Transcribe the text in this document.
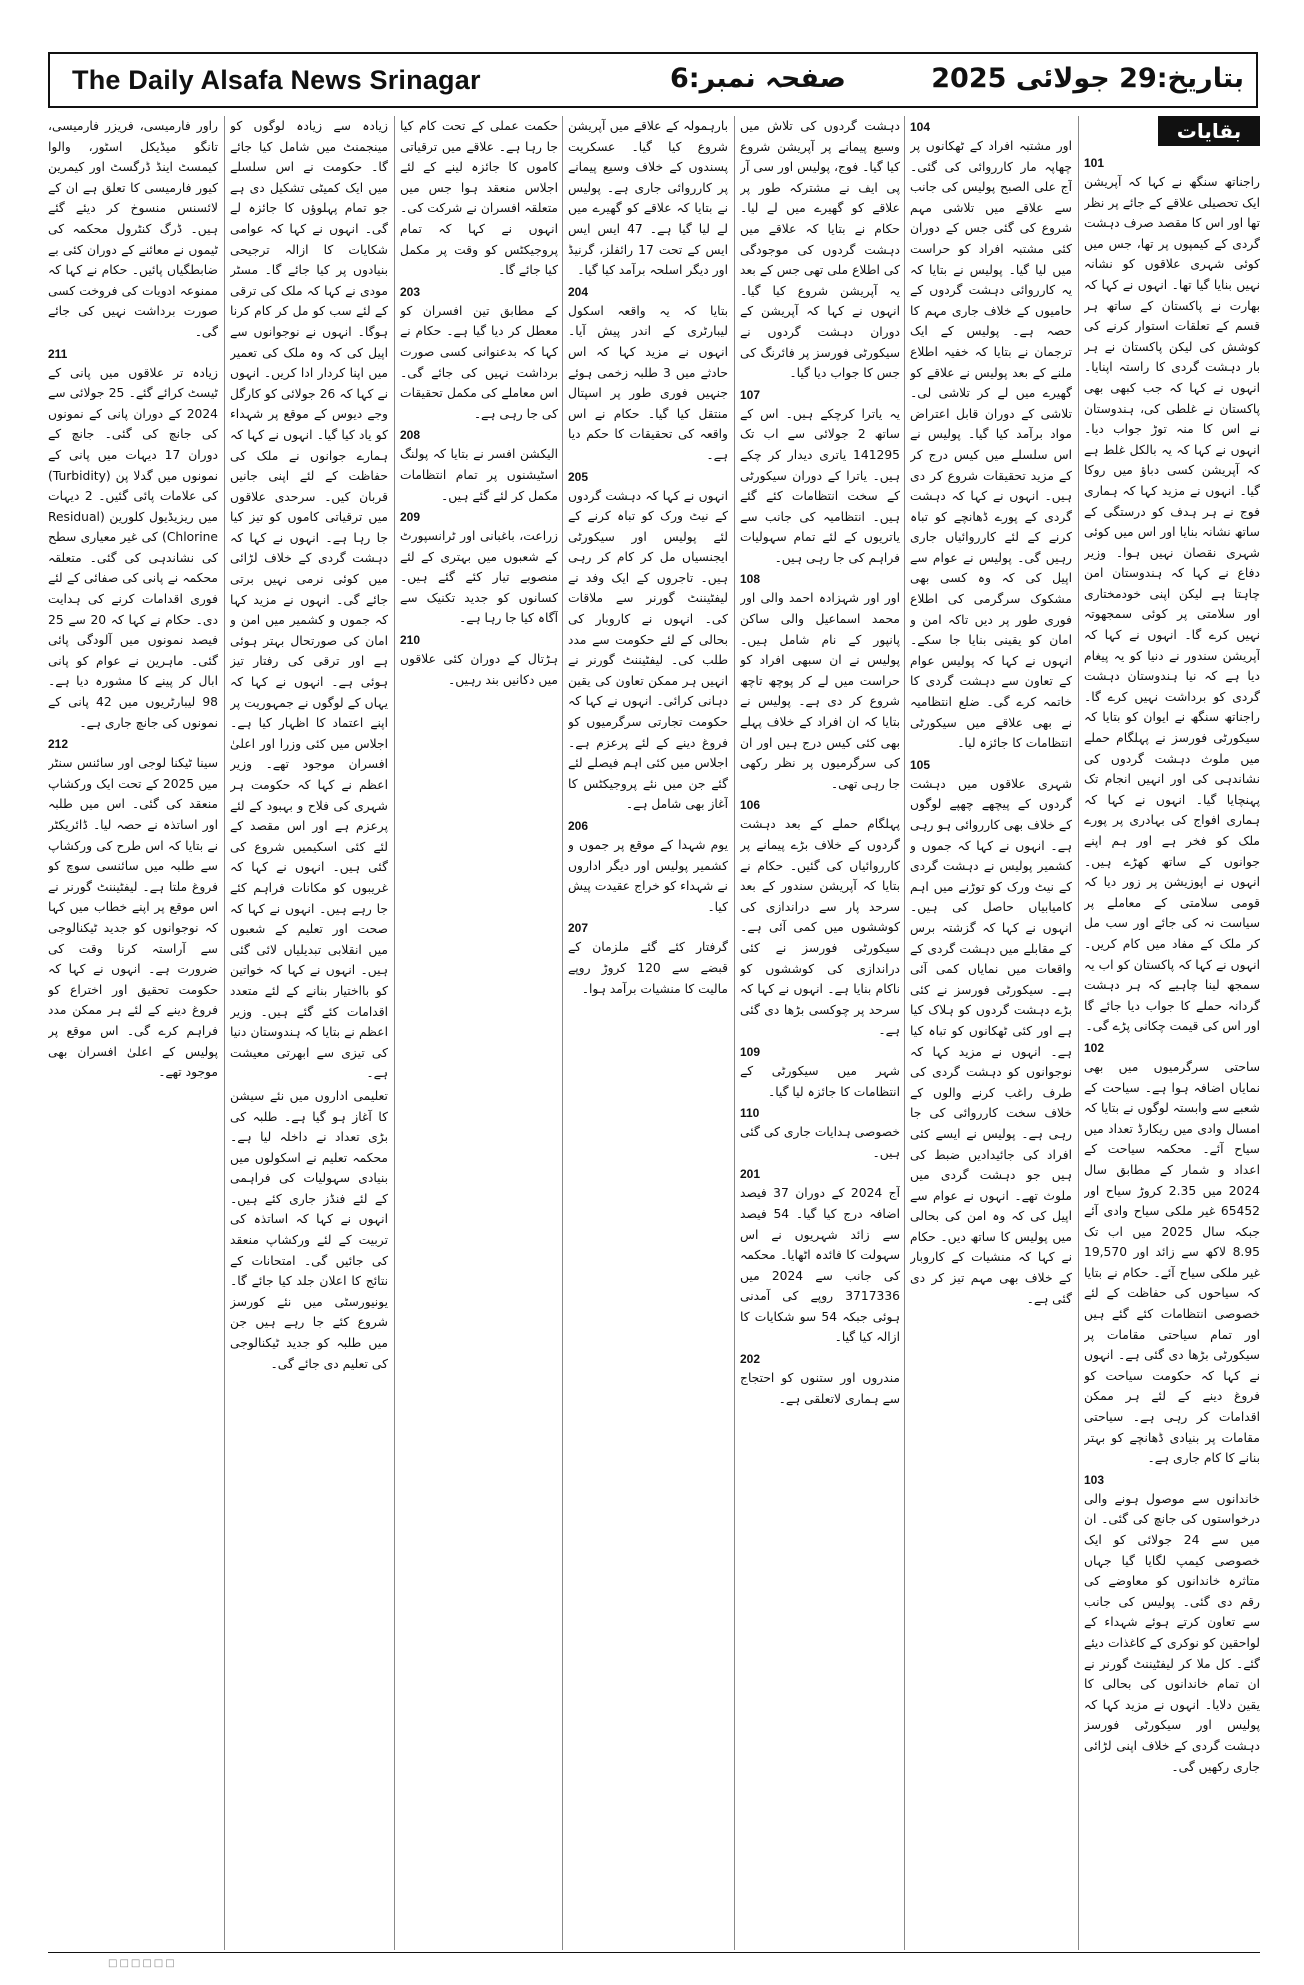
The Daily Alsafa News Srinagar	صفحہ نمبر:6	بتاریخ:29 جولائی 2025
101

راجناتھ سنگھ نے کہا کہ آپریشن ایک تحصیلی علاقے کے جائے پر نظر تھا اور اس کا مقصد صرف دہشت گردی کے کیمپوں پر تھا، جس میں کوئی شہری علاقوں کو نشانہ نہیں بنایا گیا تھا۔ انہوں نے کہا کہ بھارت نے پاکستان کے ساتھ ہر قسم کے تعلقات استوار کرنے کی کوشش کی لیکن پاکستان نے ہر بار دہشت گردی کا راستہ اپنایا۔ انہوں نے کہا کہ جب کبھی بھی پاکستان نے غلطی کی، ہندوستان نے اس کا منہ توڑ جواب دیا۔ انہوں نے کہا کہ یہ بالکل غلط ہے کہ آپریشن کسی دباؤ میں روکا گیا۔ انہوں نے مزید کہا کہ ہماری فوج نے ہر ہدف کو درستگی کے ساتھ نشانہ بنایا اور اس میں کوئی شہری نقصان نہیں ہوا۔ وزیر دفاع نے کہا کہ ہندوستان امن چاہتا ہے لیکن اپنی خودمختاری اور سلامتی پر کوئی سمجھوتہ نہیں کرے گا۔ انہوں نے کہا کہ آپریشن سندور نے دنیا کو یہ پیغام دیا ہے کہ نیا ہندوستان دہشت گردی کو برداشت نہیں کرے گا۔ راجناتھ سنگھ نے ایوان کو بتایا کہ سیکورٹی فورسز نے پہلگام حملے میں ملوث دہشت گردوں کی نشاندہی کی اور انہیں انجام تک پہنچایا گیا۔ انہوں نے کہا کہ ہماری افواج کی بہادری پر پورے ملک کو فخر ہے اور ہم اپنے جوانوں کے ساتھ کھڑے ہیں۔ انہوں نے اپوزیشن پر زور دیا کہ قومی سلامتی کے معاملے پر سیاست نہ کی جائے اور سب مل کر ملک کے مفاد میں کام کریں۔ انہوں نے کہا کہ پاکستان کو اب یہ سمجھ لینا چاہیے کہ ہر دہشت گردانہ حملے کا جواب دیا جائے گا اور اس کی قیمت چکانی پڑے گی۔

102

ساحتی سرگرمیوں میں بھی نمایاں اضافہ ہوا ہے۔ سیاحت کے شعبے سے وابستہ لوگوں نے بتایا کہ امسال وادی میں ریکارڈ تعداد میں سیاح آئے۔ محکمہ سیاحت کے اعداد و شمار کے مطابق سال 2024 میں 2.35 کروڑ سیاح اور 65452 غیر ملکی سیاح وادی آئے جبکہ سال 2025 میں اب تک 8.95 لاکھ سے زائد اور 19,570 غیر ملکی سیاح آئے۔ حکام نے بتایا کہ سیاحوں کی حفاظت کے لئے خصوصی انتظامات کئے گئے ہیں اور تمام سیاحتی مقامات پر سیکورٹی بڑھا دی گئی ہے۔ انہوں نے کہا کہ حکومت سیاحت کو فروغ دینے کے لئے ہر ممکن اقدامات کر رہی ہے۔ سیاحتی مقامات پر بنیادی ڈھانچے کو بہتر بنانے کا کام جاری ہے۔

103

خاندانوں سے موصول ہونے والی درخواستوں کی جانچ کی گئی۔ ان میں سے 24 جولائی کو ایک خصوصی کیمپ لگایا گیا جہاں متاثرہ خاندانوں کو معاوضے کی رقم دی گئی۔ پولیس کی جانب سے تعاون کرتے ہوئے شہداء کے لواحقین کو نوکری کے کاغذات دیئے گئے۔ کل ملا کر لیفٹیننٹ گورنر نے ان تمام خاندانوں کی بحالی کا یقین دلایا۔ انہوں نے مزید کہا کہ پولیس اور سیکورٹی فورسز دہشت گردی کے خلاف اپنی لڑائی جاری رکھیں گی۔

بقایات
104

اور مشتبہ افراد کے ٹھکانوں پر چھاپہ مار کارروائی کی گئی۔ آج علی الصبح پولیس کی جانب سے علاقے میں تلاشی مہم شروع کی گئی جس کے دوران کئی مشتبہ افراد کو حراست میں لیا گیا۔ پولیس نے بتایا کہ یہ کارروائی دہشت گردوں کے حامیوں کے خلاف جاری مہم کا حصہ ہے۔ پولیس کے ایک ترجمان نے بتایا کہ خفیہ اطلاع ملنے کے بعد پولیس نے علاقے کو گھیرے میں لے کر تلاشی لی۔ تلاشی کے دوران قابل اعتراض مواد برآمد کیا گیا۔ پولیس نے اس سلسلے میں کیس درج کر کے مزید تحقیقات شروع کر دی ہیں۔ انہوں نے کہا کہ دہشت گردی کے پورے ڈھانچے کو تباہ کرنے کے لئے کارروائیاں جاری رہیں گی۔ پولیس نے عوام سے اپیل کی کہ وہ کسی بھی مشکوک سرگرمی کی اطلاع فوری طور پر دیں تاکہ امن و امان کو یقینی بنایا جا سکے۔ انہوں نے کہا کہ پولیس عوام کے تعاون سے دہشت گردی کا خاتمہ کرے گی۔ ضلع انتظامیہ نے بھی علاقے میں سیکورٹی انتظامات کا جائزہ لیا۔

105

شہری علاقوں میں دہشت گردوں کے پیچھے چھپے لوگوں کے خلاف بھی کارروائی ہو رہی ہے۔ انہوں نے کہا کہ جموں و کشمیر پولیس نے دہشت گردی کے نیٹ ورک کو توڑنے میں اہم کامیابیاں حاصل کی ہیں۔ انہوں نے کہا کہ گزشتہ برس کے مقابلے میں دہشت گردی کے واقعات میں نمایاں کمی آئی ہے۔ سیکورٹی فورسز نے کئی بڑے دہشت گردوں کو ہلاک کیا ہے اور کئی ٹھکانوں کو تباہ کیا ہے۔ انہوں نے مزید کہا کہ نوجوانوں کو دہشت گردی کی طرف راغب کرنے والوں کے خلاف سخت کارروائی کی جا رہی ہے۔ پولیس نے ایسے کئی افراد کی جائیدادیں ضبط کی ہیں جو دہشت گردی میں ملوث تھے۔ انہوں نے عوام سے اپیل کی کہ وہ امن کی بحالی میں پولیس کا ساتھ دیں۔ حکام نے کہا کہ منشیات کے کاروبار کے خلاف بھی مہم تیز کر دی گئی ہے۔

دہشت گردوں کی تلاش میں وسیع پیمانے پر آپریشن شروع کیا گیا۔ فوج، پولیس اور سی آر پی ایف نے مشترکہ طور پر علاقے کو گھیرے میں لے لیا۔ حکام نے بتایا کہ علاقے میں دہشت گردوں کی موجودگی کی اطلاع ملی تھی جس کے بعد یہ آپریشن شروع کیا گیا۔ انہوں نے کہا کہ آپریشن کے دوران دہشت گردوں نے سیکورٹی فورسز پر فائرنگ کی جس کا جواب دیا گیا۔

107

یہ یاترا کرچکے ہیں۔ اس کے ساتھ 2 جولائی سے اب تک 141295 یاتری دیدار کر چکے ہیں۔ یاترا کے دوران سیکورٹی کے سخت انتظامات کئے گئے ہیں۔ انتظامیہ کی جانب سے یاتریوں کے لئے تمام سہولیات فراہم کی جا رہی ہیں۔

108

اور اور شہزادہ احمد والی اور محمد اسماعیل والی ساکن پانپور کے نام شامل ہیں۔ پولیس نے ان سبھی افراد کو حراست میں لے کر پوچھ تاچھ شروع کر دی ہے۔ پولیس نے بتایا کہ ان افراد کے خلاف پہلے بھی کئی کیس درج ہیں اور ان کی سرگرمیوں پر نظر رکھی جا رہی تھی۔

106

پہلگام حملے کے بعد دہشت گردوں کے خلاف بڑے پیمانے پر کارروائیاں کی گئیں۔ حکام نے بتایا کہ آپریشن سندور کے بعد سرحد پار سے دراندازی کی کوششوں میں کمی آئی ہے۔ سیکورٹی فورسز نے کئی دراندازی کی کوششوں کو ناکام بنایا ہے۔ انہوں نے کہا کہ سرحد پر چوکسی بڑھا دی گئی ہے۔

109

شہر میں سیکورٹی کے انتظامات کا جائزہ لیا گیا۔

110

خصوصی ہدایات جاری کی گئی ہیں۔

201

آج 2024 کے دوران 37 فیصد اضافہ درج کیا گیا۔ 54 فیصد سے زائد شہریوں نے اس سہولت کا فائدہ اٹھایا۔ محکمہ کی جانب سے 2024 میں 3717336 روپے کی آمدنی ہوئی جبکہ 54 سو شکایات کا ازالہ کیا گیا۔

202

مندروں اور ستنوں کو احتجاج سے ہماری لاتعلقی ہے۔

بارہمولہ کے علاقے میں آپریشن شروع کیا گیا۔ عسکریت پسندوں کے خلاف وسیع پیمانے پر کارروائی جاری ہے۔ پولیس نے بتایا کہ علاقے کو گھیرے میں لے لیا گیا ہے۔ 47 ایس ایس ایس کے تحت 17 رائفلز، گرنیڈ اور دیگر اسلحہ برآمد کیا گیا۔

204

بتایا کہ یہ واقعہ اسکول لیبارٹری کے اندر پیش آیا۔ انہوں نے مزید کہا کہ اس حادثے میں 3 طلبہ زخمی ہوئے جنہیں فوری طور پر اسپتال منتقل کیا گیا۔ حکام نے اس واقعہ کی تحقیقات کا حکم دیا ہے۔

205

انہوں نے کہا کہ دہشت گردوں کے نیٹ ورک کو تباہ کرنے کے لئے پولیس اور سیکورٹی ایجنسیاں مل کر کام کر رہی ہیں۔ تاجروں کے ایک وفد نے لیفٹیننٹ گورنر سے ملاقات کی۔ انہوں نے کاروبار کی بحالی کے لئے حکومت سے مدد طلب کی۔ لیفٹیننٹ گورنر نے انہیں ہر ممکن تعاون کی یقین دہانی کرائی۔ انہوں نے کہا کہ حکومت تجارتی سرگرمیوں کو فروغ دینے کے لئے پرعزم ہے۔ اجلاس میں کئی اہم فیصلے لئے گئے جن میں نئے پروجیکٹس کا آغاز بھی شامل ہے۔

206

یوم شہدا کے موقع پر جموں و کشمیر پولیس اور دیگر اداروں نے شہداء کو خراج عقیدت پیش کیا۔

207

گرفتار کئے گئے ملزمان کے قبضے سے 120 کروڑ روپے مالیت کا منشیات برآمد ہوا۔

حکمت عملی کے تحت کام کیا جا رہا ہے۔ علاقے میں ترقیاتی کاموں کا جائزہ لینے کے لئے اجلاس منعقد ہوا جس میں متعلقہ افسران نے شرکت کی۔ انہوں نے کہا کہ تمام پروجیکٹس کو وقت پر مکمل کیا جائے گا۔

203

کے مطابق تین افسران کو معطل کر دیا گیا ہے۔ حکام نے کہا کہ بدعنوانی کسی صورت برداشت نہیں کی جائے گی۔ اس معاملے کی مکمل تحقیقات کی جا رہی ہے۔

208

الیکشن افسر نے بتایا کہ پولنگ اسٹیشنوں پر تمام انتظامات مکمل کر لئے گئے ہیں۔

209

زراعت، باغبانی اور ٹرانسپورٹ کے شعبوں میں بہتری کے لئے منصوبے تیار کئے گئے ہیں۔ کسانوں کو جدید تکنیک سے آگاہ کیا جا رہا ہے۔

210

ہڑتال کے دوران کئی علاقوں میں دکانیں بند رہیں۔

زیادہ سے زیادہ لوگوں کو مینجمنٹ میں شامل کیا جائے گا۔ حکومت نے اس سلسلے میں ایک کمیٹی تشکیل دی ہے جو تمام پہلوؤں کا جائزہ لے گی۔ انہوں نے کہا کہ عوامی شکایات کا ازالہ ترجیحی بنیادوں پر کیا جائے گا۔ مسٹر مودی نے کہا کہ ملک کی ترقی کے لئے سب کو مل کر کام کرنا ہوگا۔ انہوں نے نوجوانوں سے اپیل کی کہ وہ ملک کی تعمیر میں اپنا کردار ادا کریں۔ انہوں نے کہا کہ 26 جولائی کو کارگل وجے دیوس کے موقع پر شہداء کو یاد کیا گیا۔ انہوں نے کہا کہ ہمارے جوانوں نے ملک کی حفاظت کے لئے اپنی جانیں قربان کیں۔ سرحدی علاقوں میں ترقیاتی کاموں کو تیز کیا جا رہا ہے۔ انہوں نے کہا کہ دہشت گردی کے خلاف لڑائی میں کوئی نرمی نہیں برتی جائے گی۔ انہوں نے مزید کہا کہ جموں و کشمیر میں امن و امان کی صورتحال بہتر ہوئی ہے اور ترقی کی رفتار تیز ہوئی ہے۔ انہوں نے کہا کہ یہاں کے لوگوں نے جمہوریت پر اپنے اعتماد کا اظہار کیا ہے۔ اجلاس میں کئی وزرا اور اعلیٰ افسران موجود تھے۔ وزیر اعظم نے کہا کہ حکومت ہر شہری کی فلاح و بہبود کے لئے پرعزم ہے اور اس مقصد کے لئے کئی اسکیمیں شروع کی گئی ہیں۔ انہوں نے کہا کہ غریبوں کو مکانات فراہم کئے جا رہے ہیں۔ انہوں نے کہا کہ صحت اور تعلیم کے شعبوں میں انقلابی تبدیلیاں لائی گئی ہیں۔ انہوں نے کہا کہ خواتین کو بااختیار بنانے کے لئے متعدد اقدامات کئے گئے ہیں۔ وزیر اعظم نے بتایا کہ ہندوستان دنیا کی تیزی سے ابھرتی معیشت ہے۔

تعلیمی اداروں میں نئے سیشن کا آغاز ہو گیا ہے۔ طلبہ کی بڑی تعداد نے داخلہ لیا ہے۔ محکمہ تعلیم نے اسکولوں میں بنیادی سہولیات کی فراہمی کے لئے فنڈز جاری کئے ہیں۔ انہوں نے کہا کہ اساتذہ کی تربیت کے لئے ورکشاپ منعقد کی جائیں گی۔ امتحانات کے نتائج کا اعلان جلد کیا جائے گا۔ یونیورسٹی میں نئے کورسز شروع کئے جا رہے ہیں جن میں طلبہ کو جدید ٹیکنالوجی کی تعلیم دی جائے گی۔

راور فارمیسی، فریزر فارمیسی، تانگو میڈیکل اسٹور، والوا کیمسٹ اینڈ ڈرگسٹ اور کیمرین کیور فارمیسی کا تعلق ہے ان کے لائسنس منسوخ کر دیئے گئے ہیں۔ ڈرگ کنٹرول محکمہ کی ٹیموں نے معائنے کے دوران کئی بے ضابطگیاں پائیں۔ حکام نے کہا کہ ممنوعہ ادویات کی فروخت کسی صورت برداشت نہیں کی جائے گی۔

211

زیادہ تر علاقوں میں پانی کے ٹیسٹ کرائے گئے۔ 25 جولائی سے 2024 کے دوران پانی کے نمونوں کی جانچ کی گئی۔ جانچ کے دوران 17 دیہات میں پانی کے نمونوں میں گدلا پن (Turbidity) کی علامات پائی گئیں۔ 2 دیہات میں ریزیڈیول کلورین (Residual Chlorine) کی غیر معیاری سطح کی نشاندہی کی گئی۔ متعلقہ محکمہ نے پانی کی صفائی کے لئے فوری اقدامات کرنے کی ہدایت دی۔ حکام نے کہا کہ 20 سے 25 فیصد نمونوں میں آلودگی پائی گئی۔ ماہرین نے عوام کو پانی ابال کر پینے کا مشورہ دیا ہے۔ 98 لیبارٹریوں میں 42 پانی کے نمونوں کی جانچ جاری ہے۔

212

سینا ٹیکنا لوجی اور سائنس سنٹر میں 2025 کے تحت ایک ورکشاپ منعقد کی گئی۔ اس میں طلبہ اور اساتذہ نے حصہ لیا۔ ڈائریکٹر نے بتایا کہ اس طرح کی ورکشاپ سے طلبہ میں سائنسی سوچ کو فروغ ملتا ہے۔ لیفٹیننٹ گورنر نے اس موقع پر اپنے خطاب میں کہا کہ نوجوانوں کو جدید ٹیکنالوجی سے آراستہ کرنا وقت کی ضرورت ہے۔ انہوں نے کہا کہ حکومت تحقیق اور اختراع کو فروغ دینے کے لئے ہر ممکن مدد فراہم کرے گی۔ اس موقع پر پولیس کے اعلیٰ افسران بھی موجود تھے۔

□□□□□□
